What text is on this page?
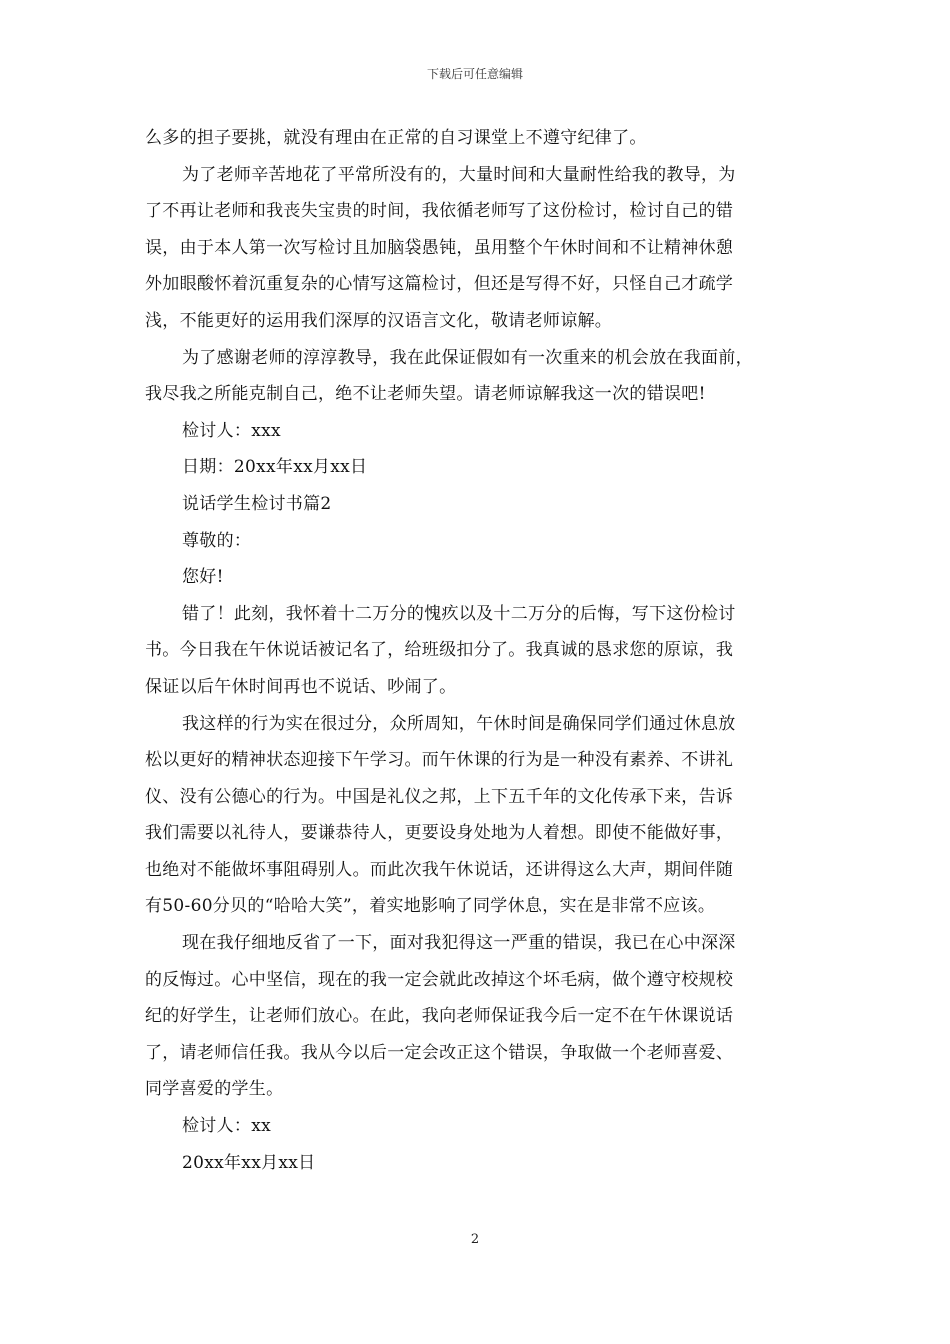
下载后可任意编辑
么多的担子要挑，就没有理由在正常的自习课堂上不遵守纪律了。
为了老师辛苦地花了平常所没有的，大量时间和大量耐性给我的教导，为
了不再让老师和我丧失宝贵的时间，我依循老师写了这份检讨，检讨自己的错
误，由于本人第一次写检讨且加脑袋愚钝，虽用整个午休时间和不让精神休憩
外加眼酸怀着沉重复杂的心情写这篇检讨，但还是写得不好，只怪自己才疏学
浅，不能更好的运用我们深厚的汉语言文化，敬请老师谅解。
为了感谢老师的淳淳教导，我在此保证假如有一次重来的机会放在我面前，
我尽我之所能克制自己，绝不让老师失望。请老师谅解我这一次的错误吧!
检讨人：xxx
日期：20xx年xx月xx日
说话学生检讨书篇2
尊敬的：
您好!
错了！此刻，我怀着十二万分的愧疚以及十二万分的后悔，写下这份检讨
书。今日我在午休说话被记名了，给班级扣分了。我真诚的恳求您的原谅，我
保证以后午休时间再也不说话、吵闹了。
我这样的行为实在很过分，众所周知，午休时间是确保同学们通过休息放
松以更好的精神状态迎接下午学习。而午休课的行为是一种没有素养、不讲礼
仪、没有公德心的行为。中国是礼仪之邦，上下五千年的文化传承下来，告诉
我们需要以礼待人，要谦恭待人，更要设身处地为人着想。即使不能做好事，
也绝对不能做坏事阻碍别人。而此次我午休说话，还讲得这么大声，期间伴随
有50-60分贝的“哈哈大笑”，着实地影响了同学休息，实在是非常不应该。
现在我仔细地反省了一下，面对我犯得这一严重的错误，我已在心中深深
的反悔过。心中坚信，现在的我一定会就此改掉这个坏毛病，做个遵守校规校
纪的好学生，让老师们放心。在此，我向老师保证我今后一定不在午休课说话
了，请老师信任我。我从今以后一定会改正这个错误，争取做一个老师喜爱、
同学喜爱的学生。
检讨人：xx
20xx年xx月xx日
2
